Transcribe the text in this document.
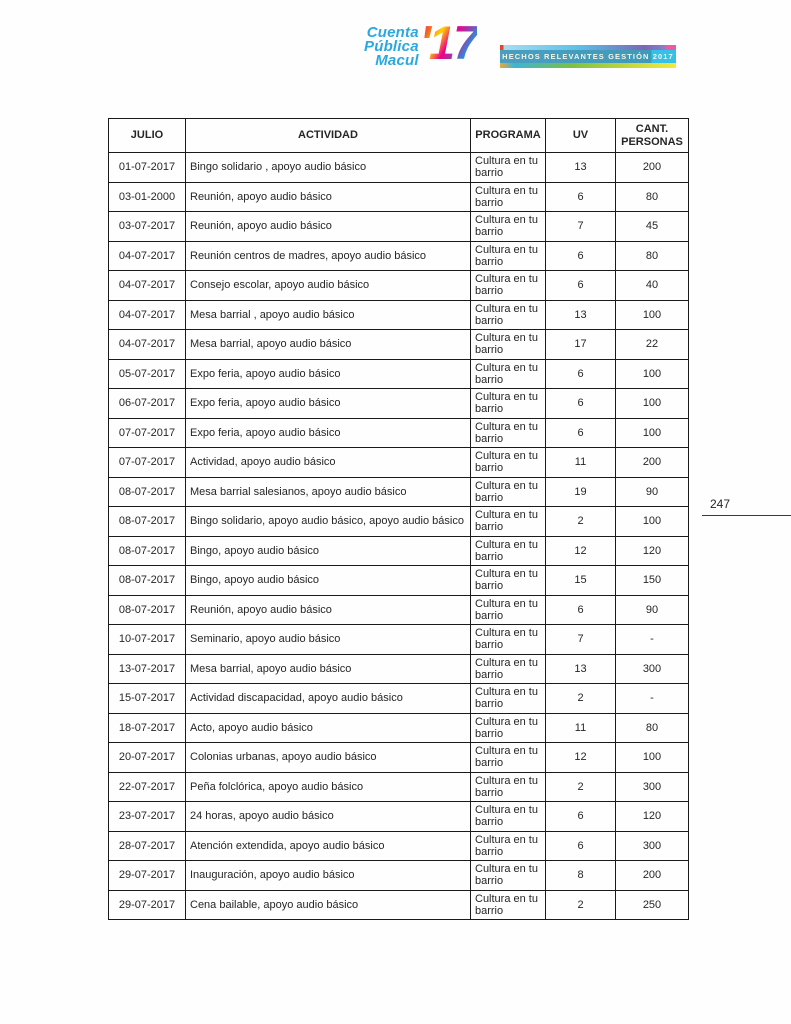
Cuenta
Pública
Macul '17	HECHOS RELEVANTES GESTIÓN 2017
JULIO	ACTIVIDAD	PROGRAMA	UV	CANT. PERSONAS
01-07-2017	Bingo solidario , apoyo audio básico	Cultura en tu barrio	13	200
03-01-2000	Reunión, apoyo audio básico	Cultura en tu barrio	6	80
03-07-2017	Reunión, apoyo audio básico	Cultura en tu barrio	7	45
04-07-2017	Reunión centros de madres, apoyo audio básico	Cultura en tu barrio	6	80
04-07-2017	Consejo escolar, apoyo audio básico	Cultura en tu barrio	6	40
04-07-2017	Mesa barrial , apoyo audio básico	Cultura en tu barrio	13	100
04-07-2017	Mesa barrial, apoyo audio básico	Cultura en tu barrio	17	22
05-07-2017	Expo feria, apoyo audio básico	Cultura en tu barrio	6	100
06-07-2017	Expo feria, apoyo audio básico	Cultura en tu barrio	6	100
07-07-2017	Expo feria, apoyo audio básico	Cultura en tu barrio	6	100
07-07-2017	Actividad, apoyo audio básico	Cultura en tu barrio	11	200
08-07-2017	Mesa barrial salesianos, apoyo audio básico	Cultura en tu barrio	19	90
08-07-2017	Bingo solidario, apoyo audio básico, apoyo audio básico	Cultura en tu barrio	2	100
08-07-2017	Bingo, apoyo audio básico	Cultura en tu barrio	12	120
08-07-2017	Bingo, apoyo audio básico	Cultura en tu barrio	15	150
08-07-2017	Reunión, apoyo audio básico	Cultura en tu barrio	6	90
10-07-2017	Seminario, apoyo audio básico	Cultura en tu barrio	7	-
13-07-2017	Mesa barrial, apoyo audio básico	Cultura en tu barrio	13	300
15-07-2017	Actividad discapacidad, apoyo audio básico	Cultura en tu barrio	2	-
18-07-2017	Acto, apoyo audio básico	Cultura en tu barrio	11	80
20-07-2017	Colonias urbanas, apoyo audio básico	Cultura en tu barrio	12	100
22-07-2017	Peña folclórica, apoyo audio básico	Cultura en tu barrio	2	300
23-07-2017	24 horas, apoyo audio básico	Cultura en tu barrio	6	120
28-07-2017	Atención extendida, apoyo audio básico	Cultura en tu barrio	6	300
29-07-2017	Inauguración, apoyo audio básico	Cultura en tu barrio	8	200
29-07-2017	Cena bailable, apoyo audio básico	Cultura en tu barrio	2	250
247
